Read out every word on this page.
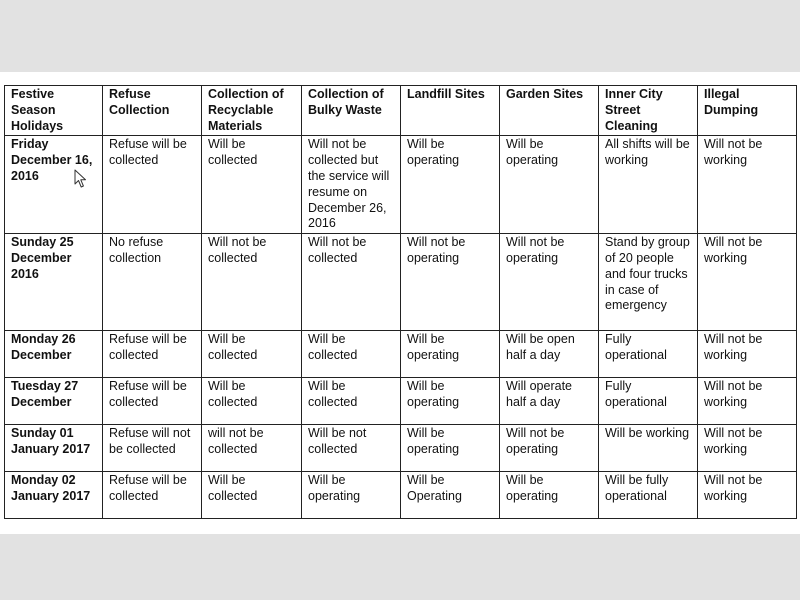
Festive Season Holidays	Refuse Collection	Collection of Recyclable Materials	Collection of Bulky Waste	Landfill Sites	Garden Sites	Inner City Street Cleaning	Illegal Dumping
Friday December 16, 2016	Refuse will be collected	Will be collected	Will not be collected but the service will resume on December 26, 2016	Will be operating	Will be operating	All shifts will be working	Will not be working
Sunday 25 December 2016	No refuse collection	Will not be collected	Will not be collected	Will not be operating	Will not be operating	Stand by group of 20 people and four trucks in case of emergency	Will not be working
Monday 26 December	Refuse will be collected	Will be collected	Will be collected	Will be operating	Will be open half a day	Fully operational	Will not be working
Tuesday 27 December	Refuse will be collected	Will be collected	Will be collected	Will be operating	Will operate half a day	Fully operational	Will not be working
Sunday 01 January 2017	Refuse will not be collected	will not be collected	Will be not collected	Will be operating	Will not be operating	Will be working	Will not be working
Monday 02 January 2017	Refuse will be collected	Will be collected	Will be operating	Will be Operating	Will be operating	Will be fully operational	Will not be working
